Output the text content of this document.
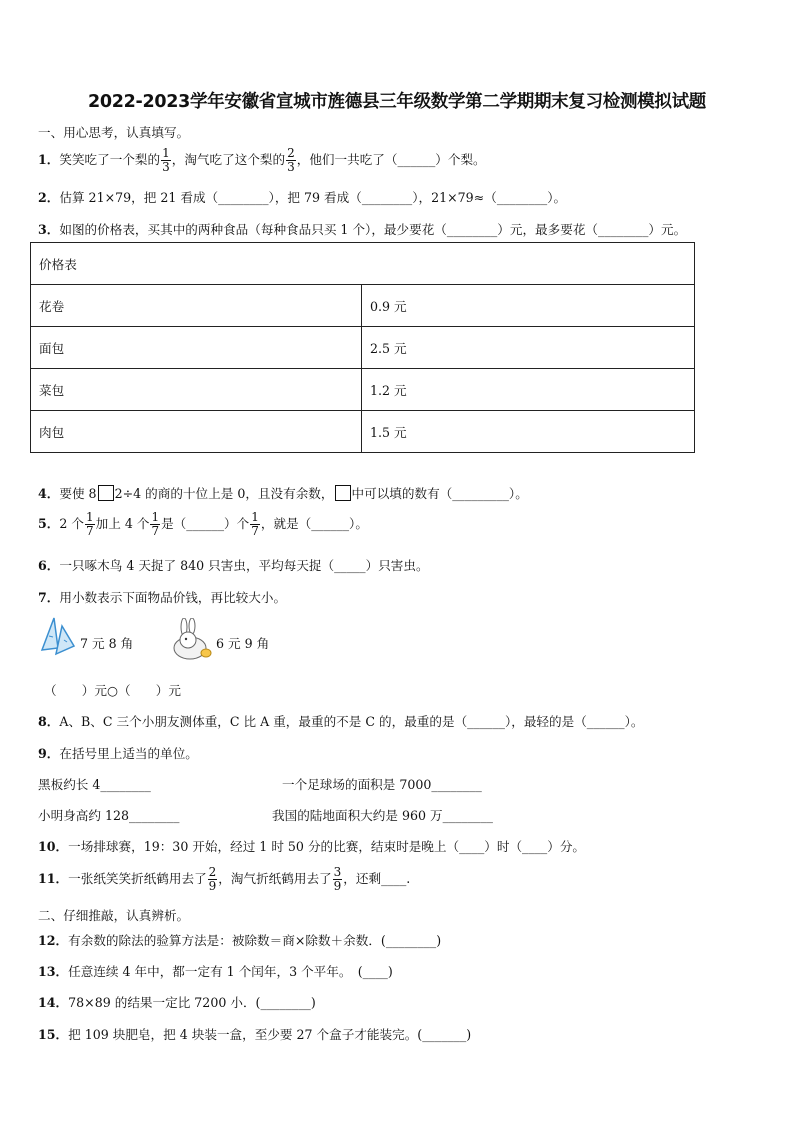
2022-2023学年安徽省宣城市旌德县三年级数学第二学期期末复习检测模拟试题
一、用心思考，认真填写。
1．笑笑吃了一个梨的 $\frac{1}{3}$ ，淘气吃了这个梨的 $\frac{2}{3}$ ，他们一共吃了（______）个梨。
2．估算 21×79，把 21 看成（________），把 79 看成（________），21×79≈（________）。
3．如图的价格表，买其中的两种食品（每种食品只买 1 个），最少要花（________）元，最多要花（________）元。
价格表	
花卷	0.9 元
面包	2.5 元
菜包	1.2 元
肉包	1.5 元
4．要使 8 2÷4 的商的十位上是 0，且没有余数， 中可以填的数有（_________）。
5．2 个 $\frac{1}{7}$ 加上 4 个 $\frac{1}{7}$ 是（______）个 $\frac{1}{7}$ ，就是（______）。
6．一只啄木鸟 4 天捉了 840 只害虫，平均每天捉（_____）只害虫。
7．用小数表示下面物品价钱，再比较大小。
7 元 8 角	6 元 9 角
（　　）元○（　　）元
8．A、B、C 三个小朋友测体重，C 比 A 重，最重的不是 C 的，最重的是（______），最轻的是（______）。
9．在括号里上适当的单位。
黑板约长 4________	一个足球场的面积是 7000________
小明身高约 128________	我国的陆地面积大约是 960 万________
10．一场排球赛，19：30 开始，经过 1 时 50 分的比赛，结束时是晚上（____）时（____）分。
11．一张纸笑笑折纸鹤用去了 $\frac{2}{9}$ ，淘气折纸鹤用去了 $\frac{3}{9}$ ，还剩____.
二、仔细推敲，认真辨析。
12．有余数的除法的验算方法是：被除数＝商×除数＋余数．(________)
13．任意连续 4 年中，都一定有 1 个闰年，3 个平年。　(____)
14．78×89 的结果一定比 7200 小．(________)
15．把 109 块肥皂，把 4 块装一盒，至少要 27 个盒子才能装完。(_______)
